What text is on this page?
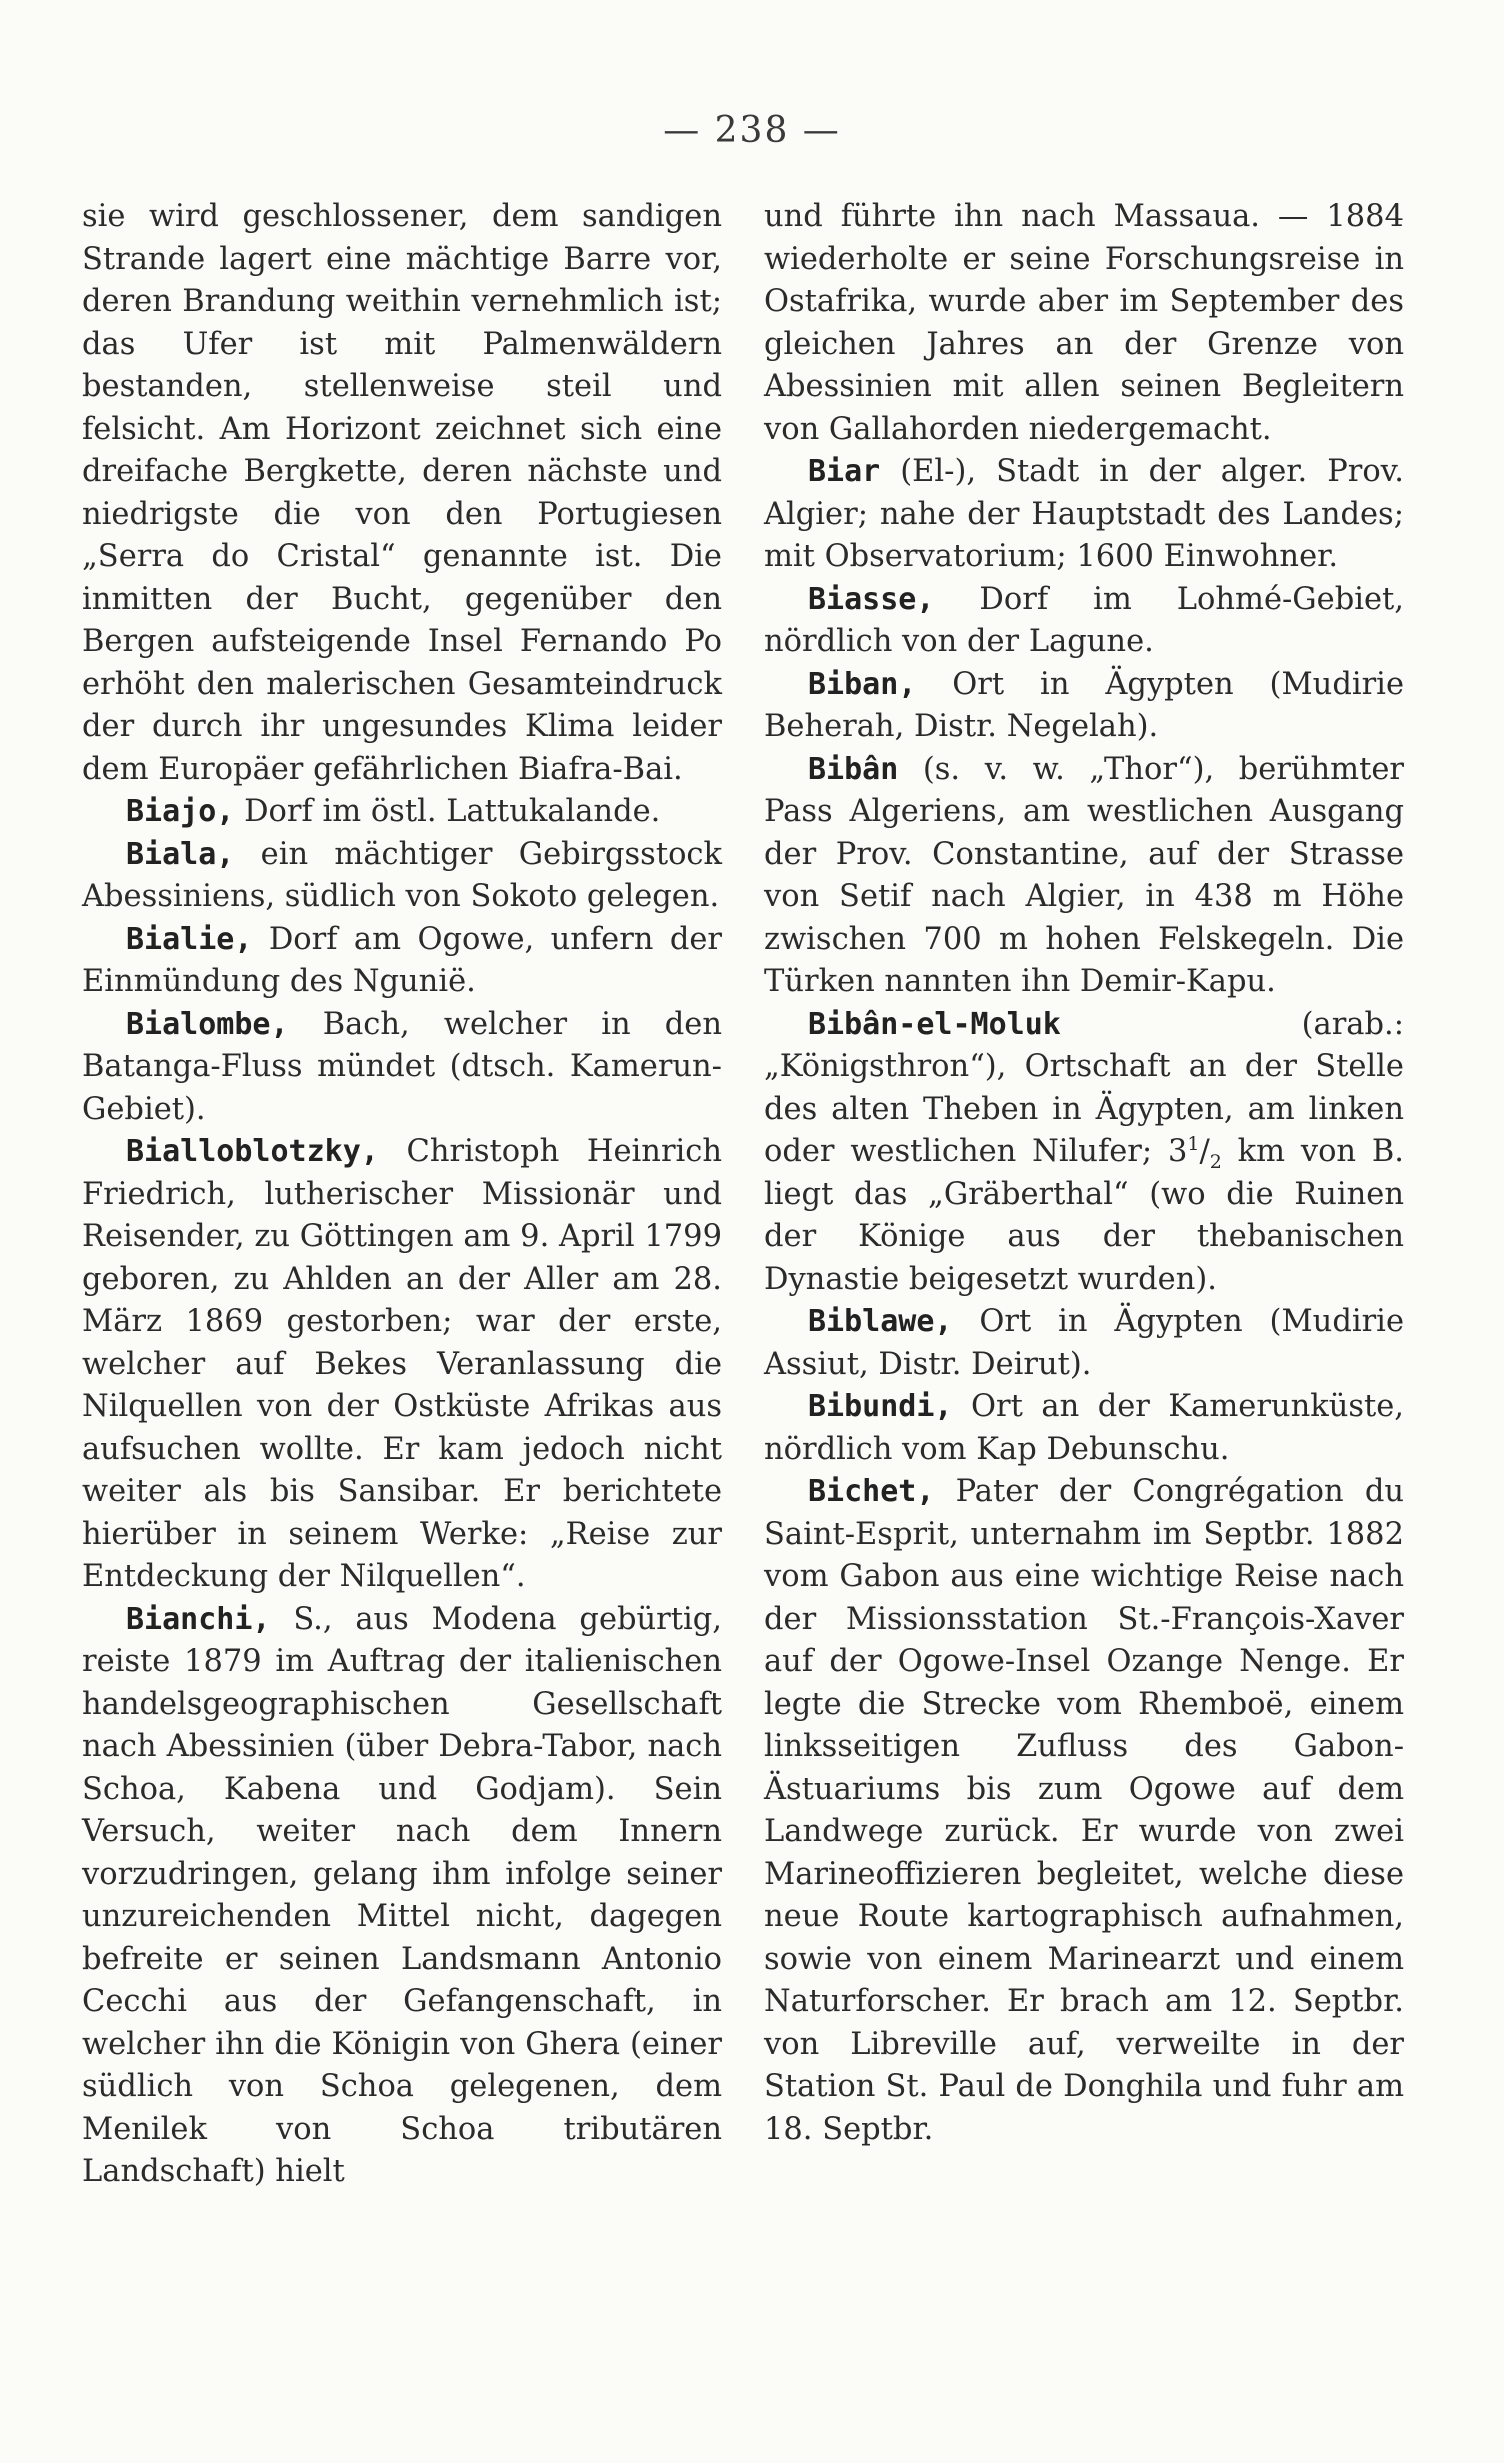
— 238 —

sie wird geschlossener, dem sandigen Strande lagert eine mächtige Barre vor, deren Brandung weithin vernehmlich ist; das Ufer ist mit Palmenwäldern bestanden, stellenweise steil und felsicht. Am Horizont zeichnet sich eine dreifache Bergkette, deren nächste und niedrigste die von den Portugiesen „Serra do Cristal“ genannte ist. Die inmitten der Bucht, gegenüber den Bergen aufsteigende Insel Fernando Po erhöht den malerischen Gesamteindruck der durch ihr ungesundes Klima leider dem Europäer gefährlichen Biafra-Bai.

Biajo, Dorf im östl. Lattukalande.

Biala, ein mächtiger Gebirgsstock Abessiniens, südlich von Sokoto gelegen.

Bialie, Dorf am Ogowe, unfern der Einmündung des Nguniё.

Bialombe, Bach, welcher in den Batanga-Fluss mündet (dtsch. Kamerun-Gebiet).

Bialloblotzky, Christoph Heinrich Friedrich, lutherischer Missionär und Reisender, zu Göttingen am 9. April 1799 geboren, zu Ahlden an der Aller am 28. März 1869 gestorben; war der erste, welcher auf Bekes Veranlassung die Nilquellen von der Ostküste Afrikas aus aufsuchen wollte. Er kam jedoch nicht weiter als bis Sansibar. Er berichtete hierüber in seinem Werke: „Reise zur Entdeckung der Nilquellen“.

Bianchi, S., aus Modena gebürtig, reiste 1879 im Auftrag der italienischen handelsgeographischen Gesellschaft nach Abessinien (über Debra-Tabor, nach Schoa, Kabena und Godjam). Sein Versuch, weiter nach dem Innern vorzudringen, gelang ihm infolge seiner unzureichenden Mittel nicht, dagegen befreite er seinen Landsmann Antonio Cecchi aus der Gefangenschaft, in welcher ihn die Königin von Ghera (einer südlich von Schoa gelegenen, dem Menilek von Schoa tributären Landschaft) hielt

und führte ihn nach Massaua. — 1884 wiederholte er seine Forschungsreise in Ostafrika, wurde aber im September des gleichen Jahres an der Grenze von Abessinien mit allen seinen Begleitern von Gallahorden niedergemacht.

Biar (El-), Stadt in der alger. Prov. Algier; nahe der Hauptstadt des Landes; mit Observatorium; 1600 Einwohner.

Biasse, Dorf im Lohmé-Gebiet, nördlich von der Lagune.

Biban, Ort in Ägypten (Mudirie Beherah, Distr. Negelah).

Bibân (s. v. w. „Thor“), berühmter Pass Algeriens, am westlichen Ausgang der Prov. Constantine, auf der Strasse von Setif nach Algier, in 438 m Höhe zwischen 700 m hohen Felskegeln. Die Türken nannten ihn Demir-Kapu.

Bibân-el-Moluk (arab.: „Königsthron“), Ortschaft an der Stelle des alten Theben in Ägypten, am linken oder westlichen Nilufer; $3^1/_2$ km von B. liegt das „Gräberthal“ (wo die Ruinen der Könige aus der thebanischen Dynastie beigesetzt wurden).

Biblawe, Ort in Ägypten (Mudirie Assiut, Distr. Deirut).

Bibundi, Ort an der Kamerunküste, nördlich vom Kap Debunschu.

Bichet, Pater der Congrégation du Saint-Esprit, unternahm im Septbr. 1882 vom Gabon aus eine wichtige Reise nach der Missionsstation St.-François-Xaver auf der Ogowe-Insel Ozange Nenge. Er legte die Strecke vom Rhemboë, einem linksseitigen Zufluss des Gabon-Ästuariums bis zum Ogowe auf dem Landwege zurück. Er wurde von zwei Marineoffizieren begleitet, welche diese neue Route kartographisch aufnahmen, sowie von einem Marinearzt und einem Naturforscher. Er brach am 12. Septbr. von Libreville auf, verweilte in der Station St. Paul de Donghila und fuhr am 18. Septbr.
